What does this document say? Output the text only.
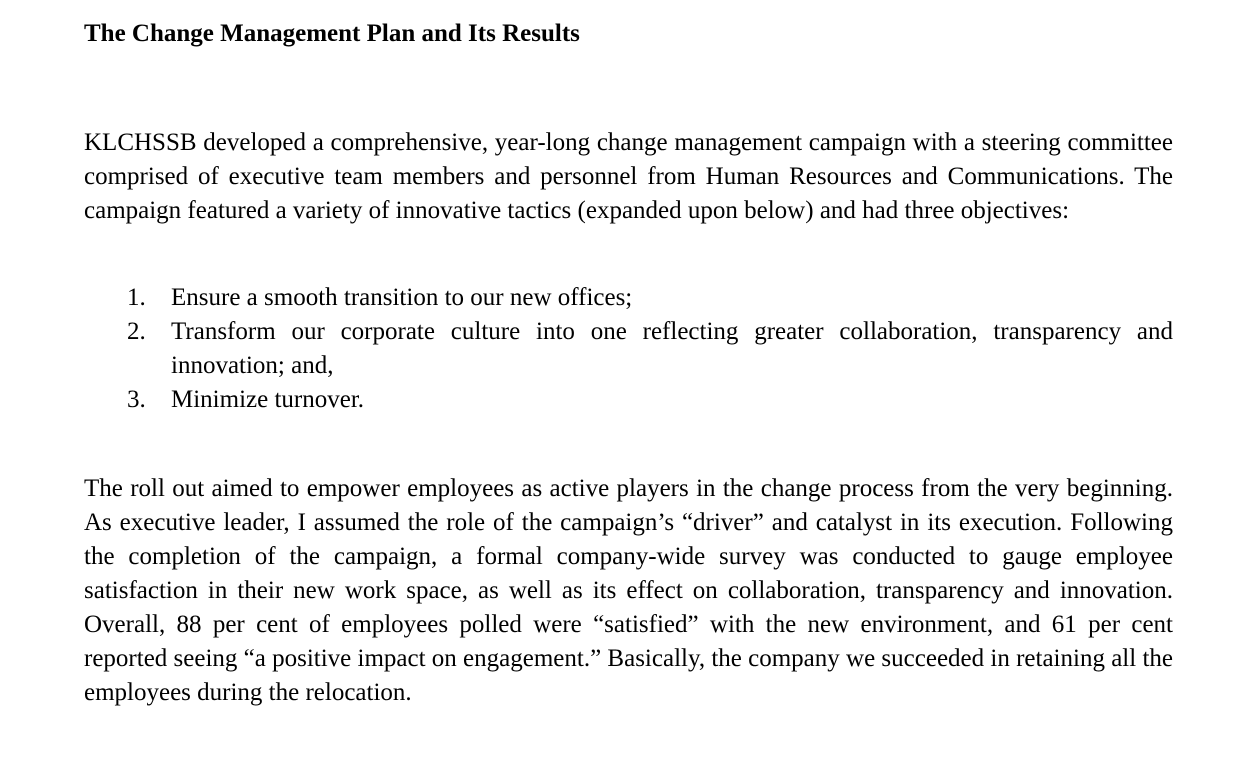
The Change Management Plan and Its Results

KLCHSSB developed a comprehensive, year-long change management campaign with a steering committee comprised of executive team members and personnel from Human Resources and Communications. The campaign featured a variety of innovative tactics (expanded upon below) and had three objectives:

1. Ensure a smooth transition to our new offices;
2. Transform our corporate culture into one reflecting greater collaboration, transparency and innovation; and,
3. Minimize turnover.

The roll out aimed to empower employees as active players in the change process from the very beginning. As executive leader, I assumed the role of the campaign’s “driver” and catalyst in its execution. Following the completion of the campaign, a formal company-wide survey was conducted to gauge employee satisfaction in their new work space, as well as its effect on collaboration, transparency and innovation. Overall, 88 per cent of employees polled were “satisfied” with the new environment, and 61 per cent reported seeing “a positive impact on engagement.” Basically, the company we succeeded in retaining all the employees during the relocation.
